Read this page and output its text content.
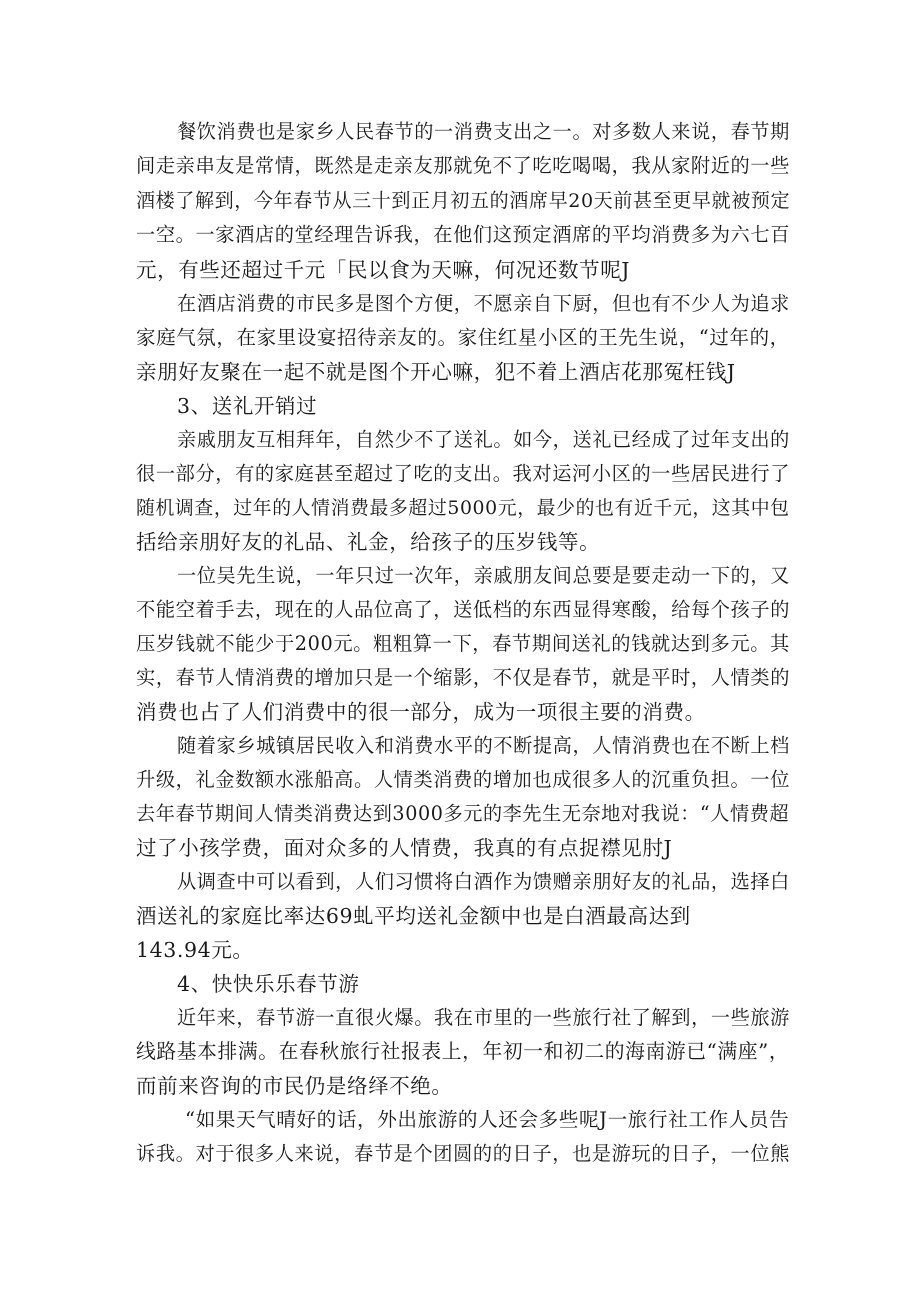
餐饮消费也是家乡人民春节的一消费支出之一。对多数人来说，春节期
间走亲串友是常情，既然是走亲友那就免不了吃吃喝喝，我从家附近的一些
酒楼了解到，今年春节从三十到正月初五的酒席早20天前甚至更早就被预定
一空。一家酒店的堂经理告诉我，在他们这预定酒席的平均消费多为六七百
元，有些还超过千元「民以食为天嘛，何况还数节呢J
在酒店消费的市民多是图个方便，不愿亲自下厨，但也有不少人为追求
家庭气氛，在家里设宴招待亲友的。家住红星小区的王先生说，“过年的，
亲朋好友聚在一起不就是图个开心嘛，犯不着上酒店花那冤枉钱J
3、送礼开销过
亲戚朋友互相拜年，自然少不了送礼。如今，送礼已经成了过年支出的
很一部分，有的家庭甚至超过了吃的支出。我对运河小区的一些居民进行了
随机调查，过年的人情消费最多超过5000元，最少的也有近千元，这其中包
括给亲朋好友的礼品、礼金，给孩子的压岁钱等。
一位吴先生说，一年只过一次年，亲戚朋友间总要是要走动一下的，又
不能空着手去，现在的人品位高了，送低档的东西显得寒酸，给每个孩子的
压岁钱就不能少于200元。粗粗算一下，春节期间送礼的钱就达到多元。其
实，春节人情消费的增加只是一个缩影，不仅是春节，就是平时，人情类的
消费也占了人们消费中的很一部分，成为一项很主要的消费。
随着家乡城镇居民收入和消费水平的不断提高，人情消费也在不断上档
升级，礼金数额水涨船高。人情类消费的增加也成很多人的沉重负担。一位
去年春节期间人情类消费达到3000多元的李先生无奈地对我说：“人情费超
过了小孩学费，面对众多的人情费，我真的有点捉襟见肘J
从调查中可以看到，人们习惯将白酒作为馈赠亲朋好友的礼品，选择白
酒送礼的家庭比率达69虬平均送礼金额中也是白酒最高达到
143.94元。
4、快快乐乐春节游
近年来，春节游一直很火爆。我在市里的一些旅行社了解到，一些旅游
线路基本排满。在春秋旅行社报表上，年初一和初二的海南游已“满座”，
而前来咨询的市民仍是络绎不绝。
“如果天气晴好的话，外出旅游的人还会多些呢J一旅行社工作人员告
诉我。对于很多人来说，春节是个团圆的的日子，也是游玩的日子，一位熊
